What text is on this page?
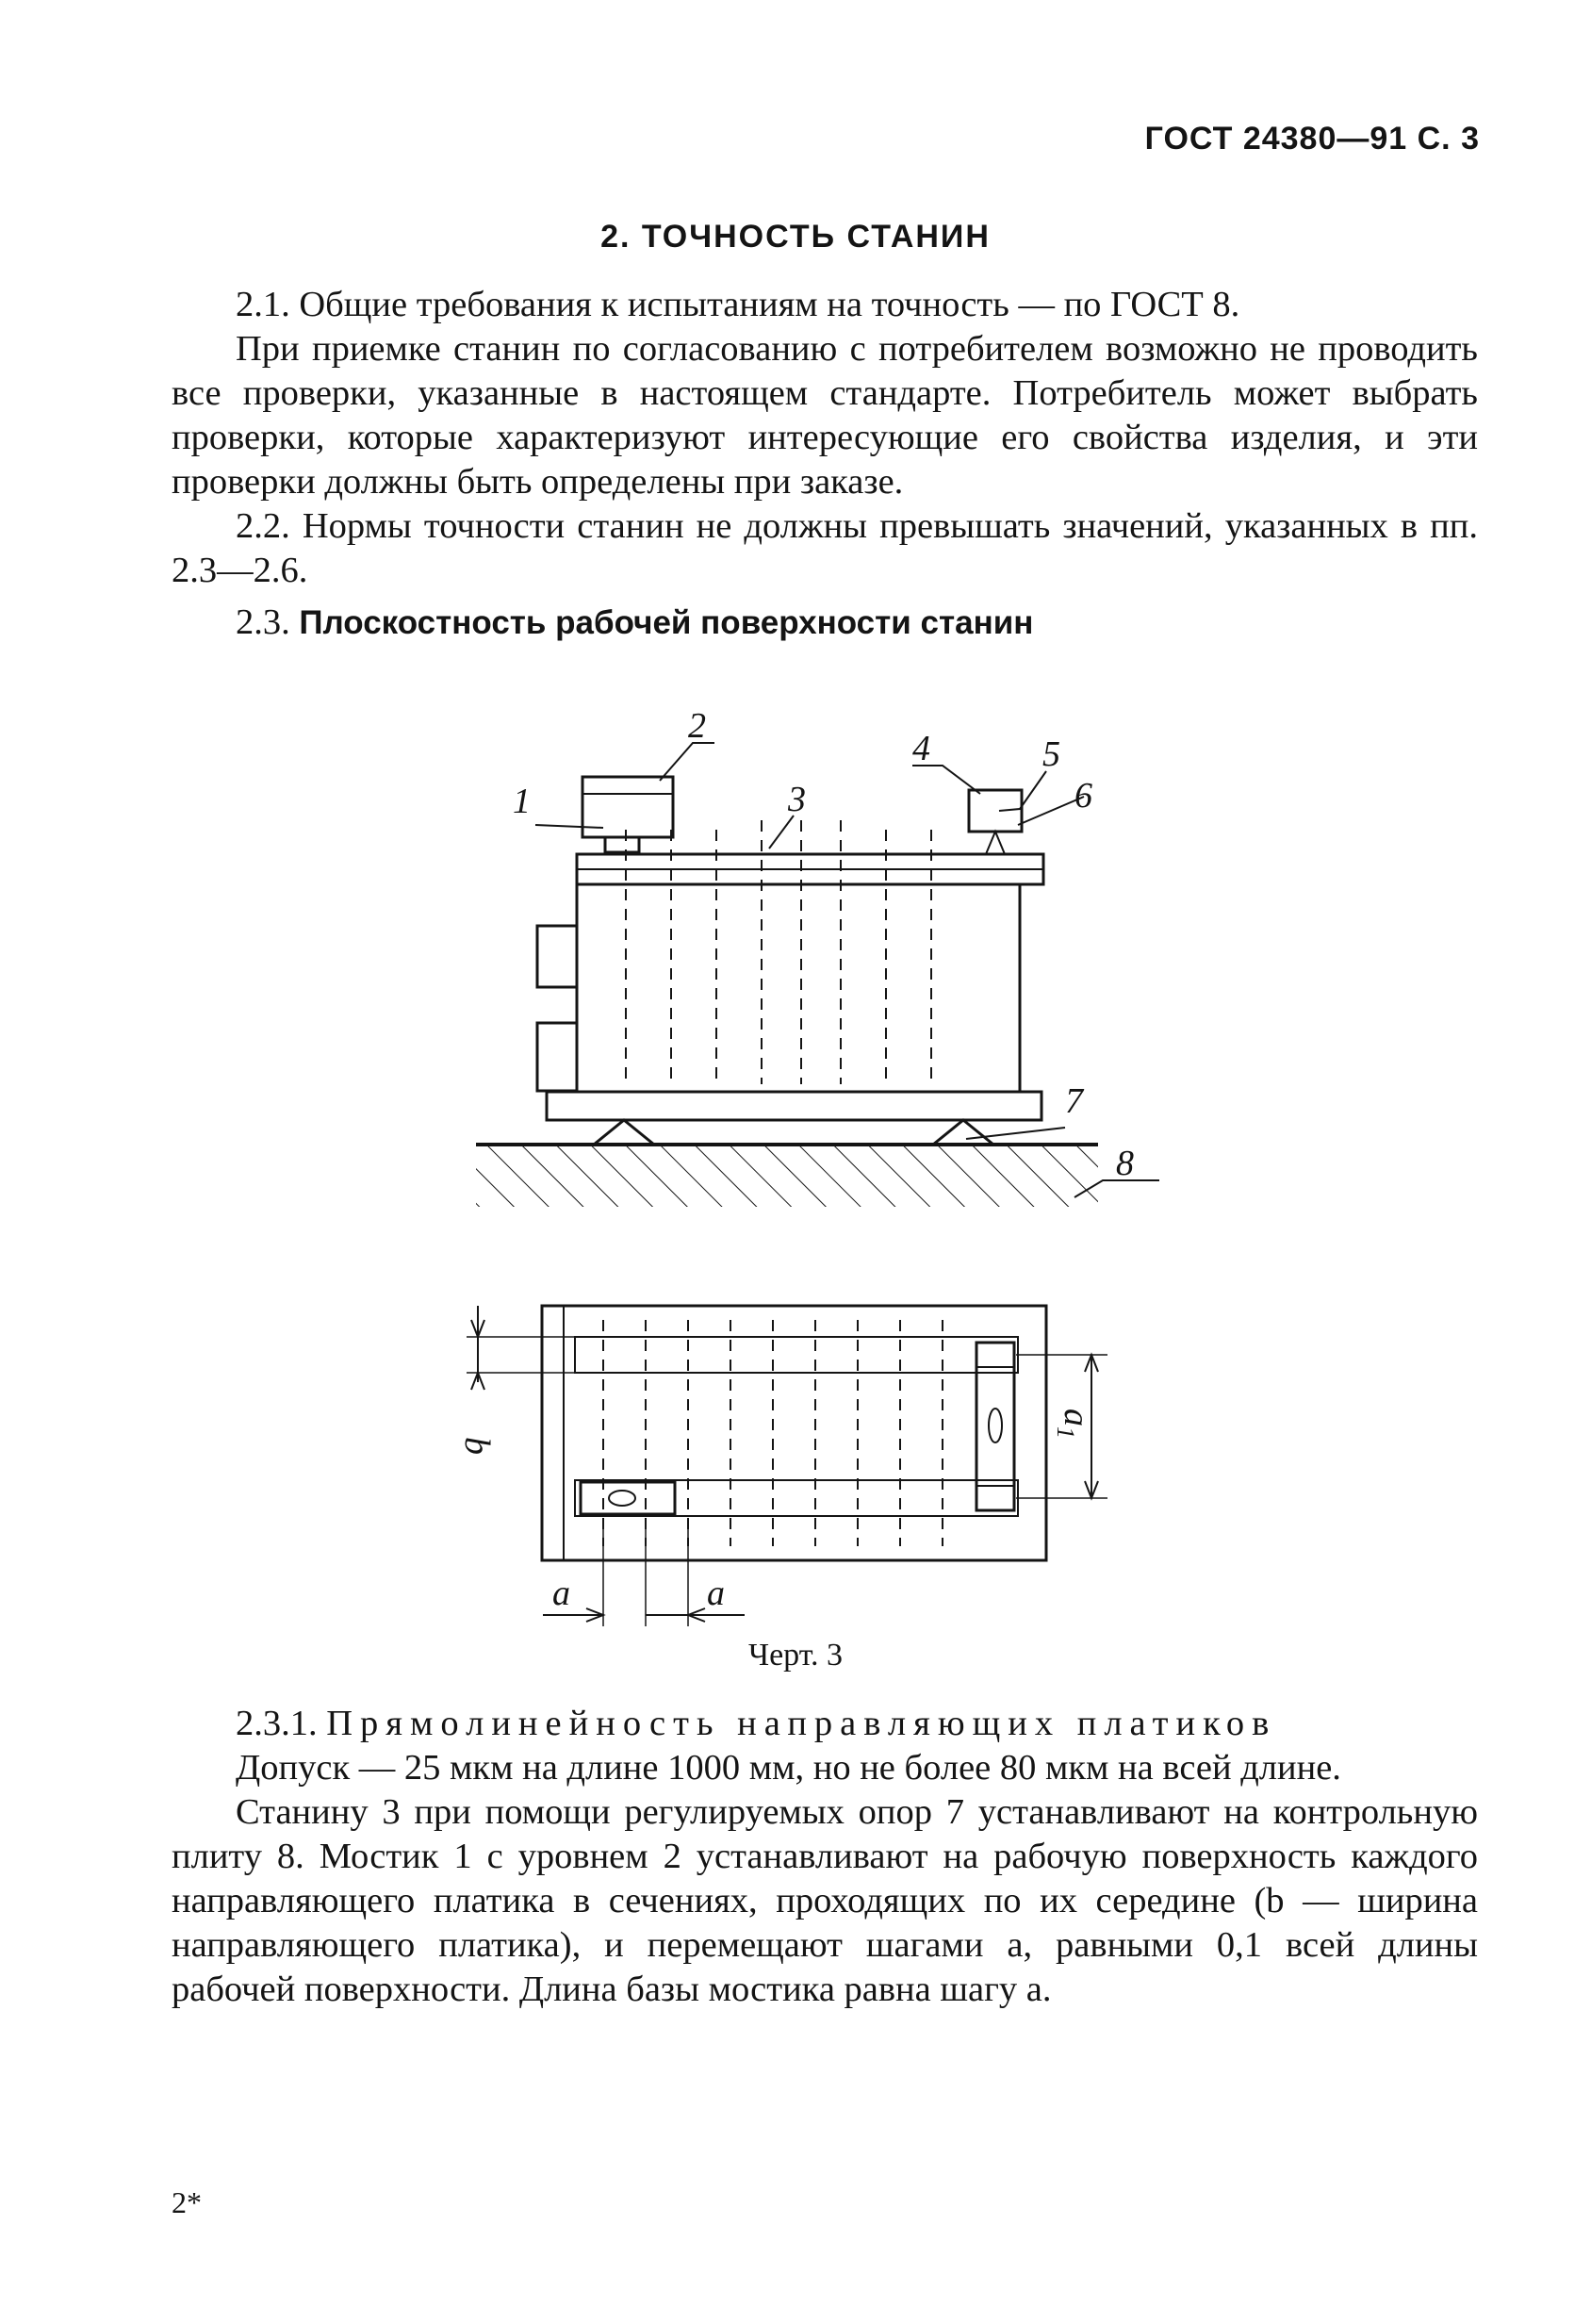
ГОСТ 24380—91 С. 3
2. ТОЧНОСТЬ СТАНИН

2.1. Общие требования к испытаниям на точность — по ГОСТ 8.

При приемке станин по согласованию с потребителем возможно не проводить все проверки, указанные в настоящем стандарте. Потребитель может выбрать проверки, которые характеризуют интересующие его свойства изделия, и эти проверки должны быть определены при заказе.

2.2. Нормы точности станин не должны превышать значений, указанных в пп. 2.3—2.6.

2.3. Плоскостность рабочей поверхности станин

1
2
3
4	5
6
7
8
b
$a_1$
a	a
Черт. 3

2.3.1. Прямолинейность направляющих платиков

Допуск — 25 мкм на длине 1000 мм, но не более 80 мкм на всей длине.

Станину 3 при помощи регулируемых опор 7 устанавливают на контрольную плиту 8. Мостик 1 с уровнем 2 устанавливают на рабочую поверхность каждого направляющего платика в сечениях, проходящих по их середине (b — ширина направляющего платика), и перемещают шагами a, равными 0,1 всей длины рабочей поверхности. Длина базы мостика равна шагу a.

2*
